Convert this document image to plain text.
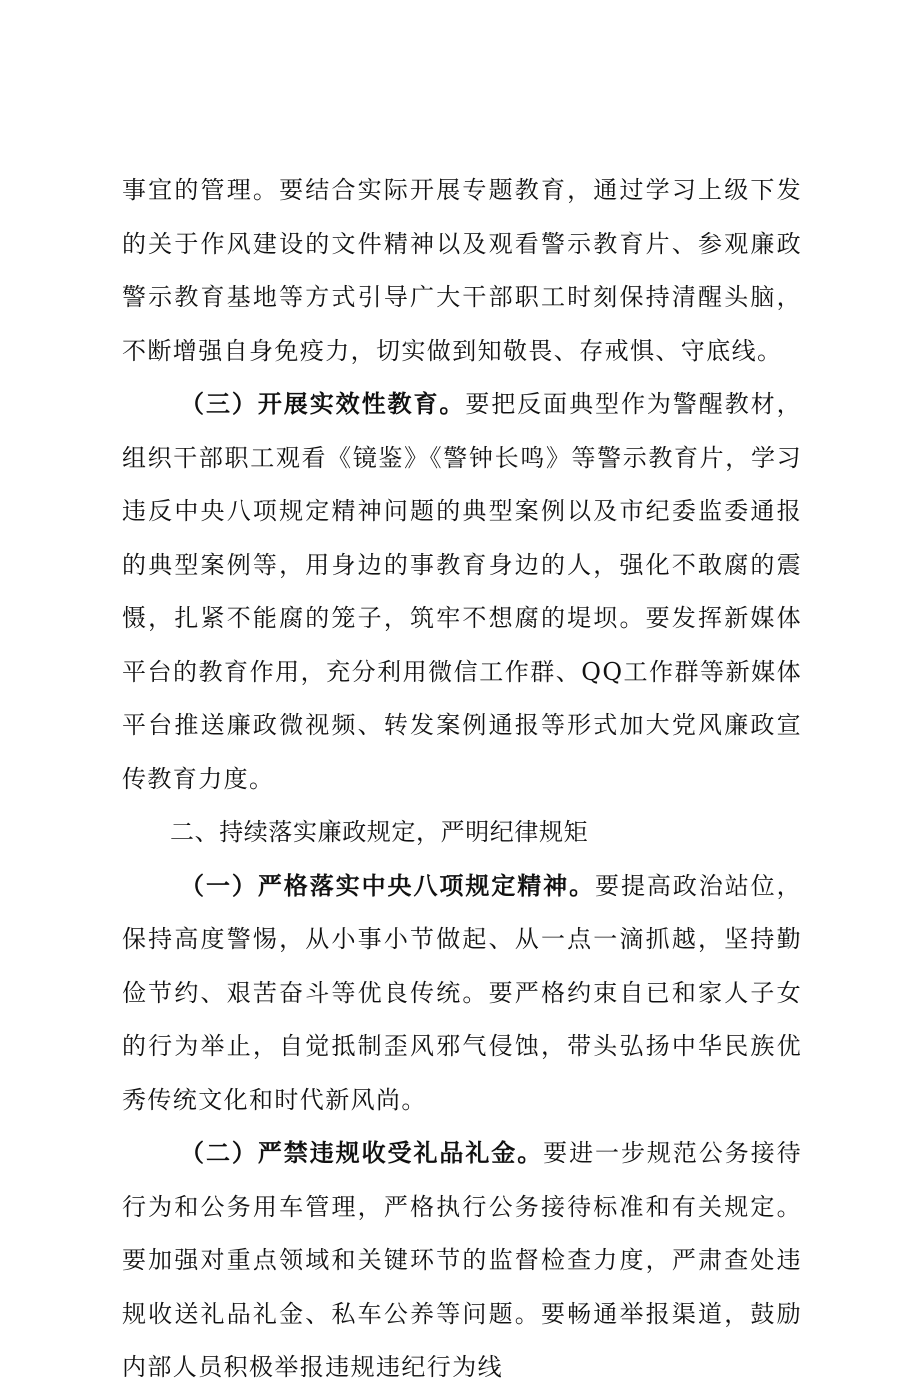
事宜的管理。要结合实际开展专题教育，通过学习上级下发的关于作风建设的文件精神以及观看警示教育片、参观廉政警示教育基地等方式引导广大干部职工时刻保持清醒头脑，不断增强自身免疫力，切实做到知敬畏、存戒惧、守底线。

（三）开展实效性教育。要把反面典型作为警醒教材，组织干部职工观看《镜鉴》《警钟长鸣》等警示教育片，学习违反中央八项规定精神问题的典型案例以及市纪委监委通报的典型案例等，用身边的事教育身边的人，强化不敢腐的震慑，扎紧不能腐的笼子，筑牢不想腐的堤坝。要发挥新媒体平台的教育作用，充分利用微信工作群、QQ工作群等新媒体平台推送廉政微视频、转发案例通报等形式加大党风廉政宣传教育力度。

二、持续落实廉政规定，严明纪律规矩

（一）严格落实中央八项规定精神。要提高政治站位，保持高度警惕，从小事小节做起、从一点一滴抓越，坚持勤俭节约、艰苦奋斗等优良传统。要严格约束自已和家人子女的行为举止，自觉抵制歪风邪气侵蚀，带头弘扬中华民族优秀传统文化和时代新风尚。

（二）严禁违规收受礼品礼金。要进一步规范公务接待行为和公务用车管理，严格执行公务接待标准和有关规定。要加强对重点领域和关键环节的监督检查力度，严肃查处违规收送礼品礼金、私车公养等问题。要畅通举报渠道，鼓励内部人员积极举报违规违纪行为线
